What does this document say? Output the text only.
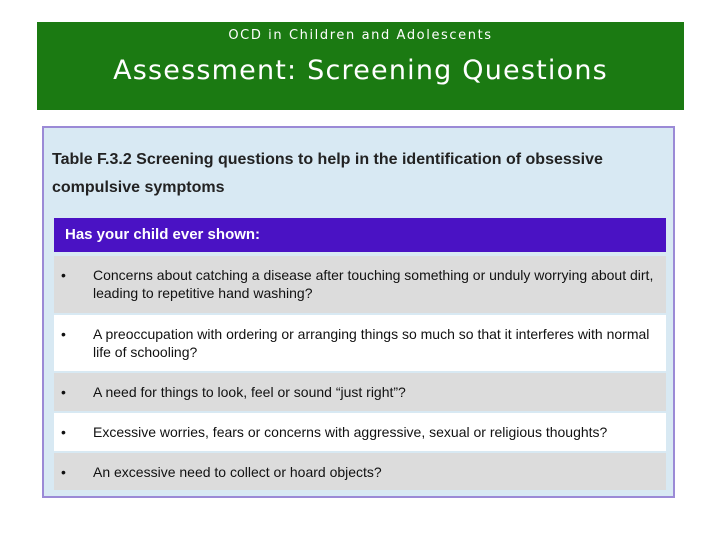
OCD in Children and Adolescents
Assessment: Screening Questions
Table F.3.2 Screening questions to help in the identification of obsessive compulsive symptoms
Has your child ever shown:
• Concerns about catching a disease after touching something or unduly worrying about dirt, leading to repetitive hand washing?
• A preoccupation with ordering or arranging things so much so that it interferes with normal life of schooling?
• A need for things to look, feel or sound “just right”?
• Excessive worries, fears or concerns with aggressive, sexual or religious thoughts?
• An excessive need to collect or hoard objects?
